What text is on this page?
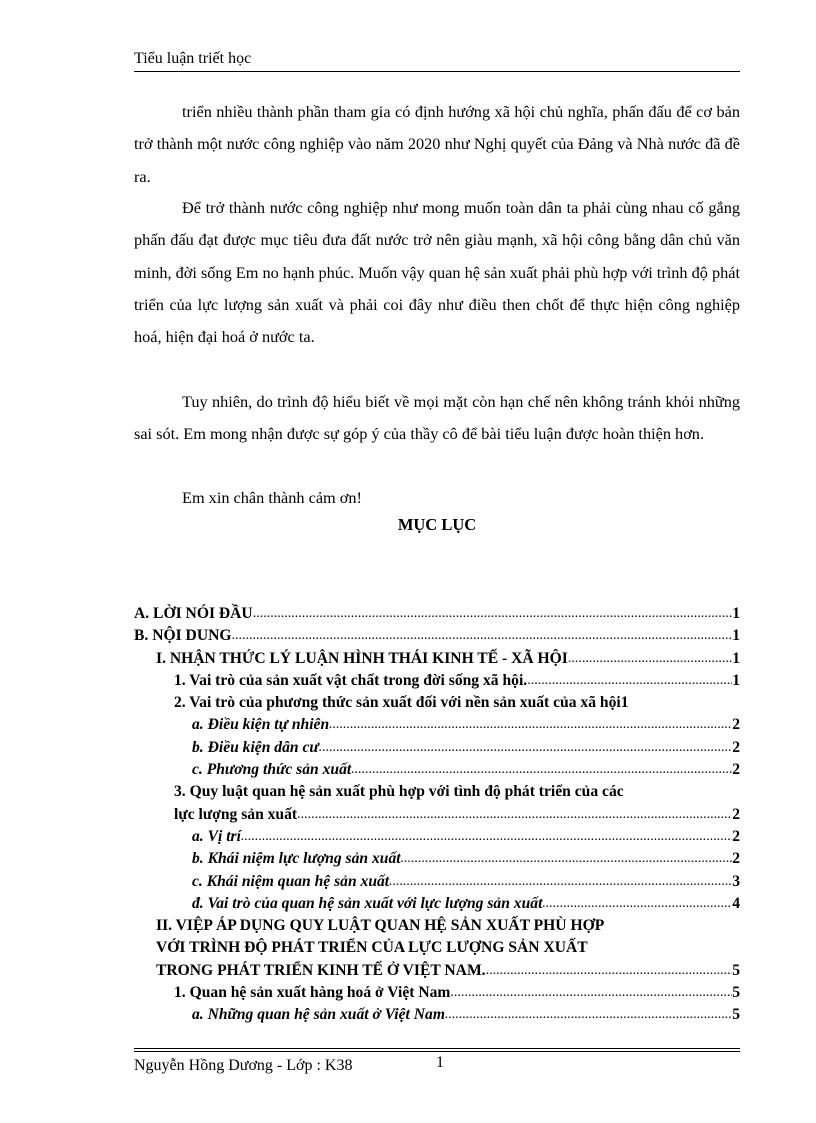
Tiểu luận triết học

triển nhiều thành phần tham gia có định hướng xã hội chủ nghĩa, phấn đấu để cơ bản trở thành một nước công nghiệp vào năm 2020 như Nghị quyết của Đảng và Nhà nước đã đề ra.

Để trở thành nước công nghiệp như mong muốn toàn dân ta phải cùng nhau cố gắng phấn đấu đạt được mục tiêu đưa đất nước trở nên giàu mạnh, xã hội công bằng dân chủ văn minh, đời sống Em no hạnh phúc. Muốn vậy quan hệ sản xuất phải phù hợp với trình độ phát triển của lực lượng sản xuất và phải coi đây như điều then chốt để thực hiện công nghiệp hoá, hiện đại hoá ở nước ta.

Tuy nhiên, do trình độ hiểu biết về mọi mặt còn hạn chế nên không tránh khỏi những sai sót. Em mong nhận được sự góp ý của thầy cô để bài tiểu luận được hoàn thiện hơn.

Em xin chân thành cảm ơn!

MỤC LỤC
A. LỜI NÓI ĐẦU .....	1
B. NỘI DUNG .....	1
I. NHẬN THỨC LÝ LUẬN HÌNH THÁI KINH TẾ - XÃ HỘI .....	1
1. Vai trò của sản xuất vật chất trong đời sống xã hội. .....	1
2. Vai trò của phương thức sản xuất đối với nền sản xuất của xã hội 1
a. Điều kiện tự nhiên .....	2
b. Điều kiện dân cư .....	2
c. Phương thức sản xuất .....	2
3. Quy luật quan hệ sản xuất phù hợp với tình độ phát triển của các
lực lượng sản xuất .....	2
a. Vị trí .....	2
b. Khái niệm lực lượng sản xuất .....	2
c. Khái niệm quan hệ sản xuất .....	3
đ. Vai trò của quan hệ sản xuất với lực lượng sản xuất .....	4
II. VIỆP ÁP DỤNG QUY LUẬT QUAN HỆ SẢN XUẤT PHÙ HỢP
VỚI TRÌNH ĐỘ PHÁT TRIỂN CỦA LỰC LƯỢNG SẢN XUẤT
TRONG PHÁT TRIỂN KINH TẾ Ở VIỆT NAM. .....	5
1. Quan hệ sản xuất hàng hoá ở Việt Nam .....	5
a. Những quan hệ sản xuất ở Việt Nam .....	5
Nguyễn Hồng Dương - Lớp : K38	1
